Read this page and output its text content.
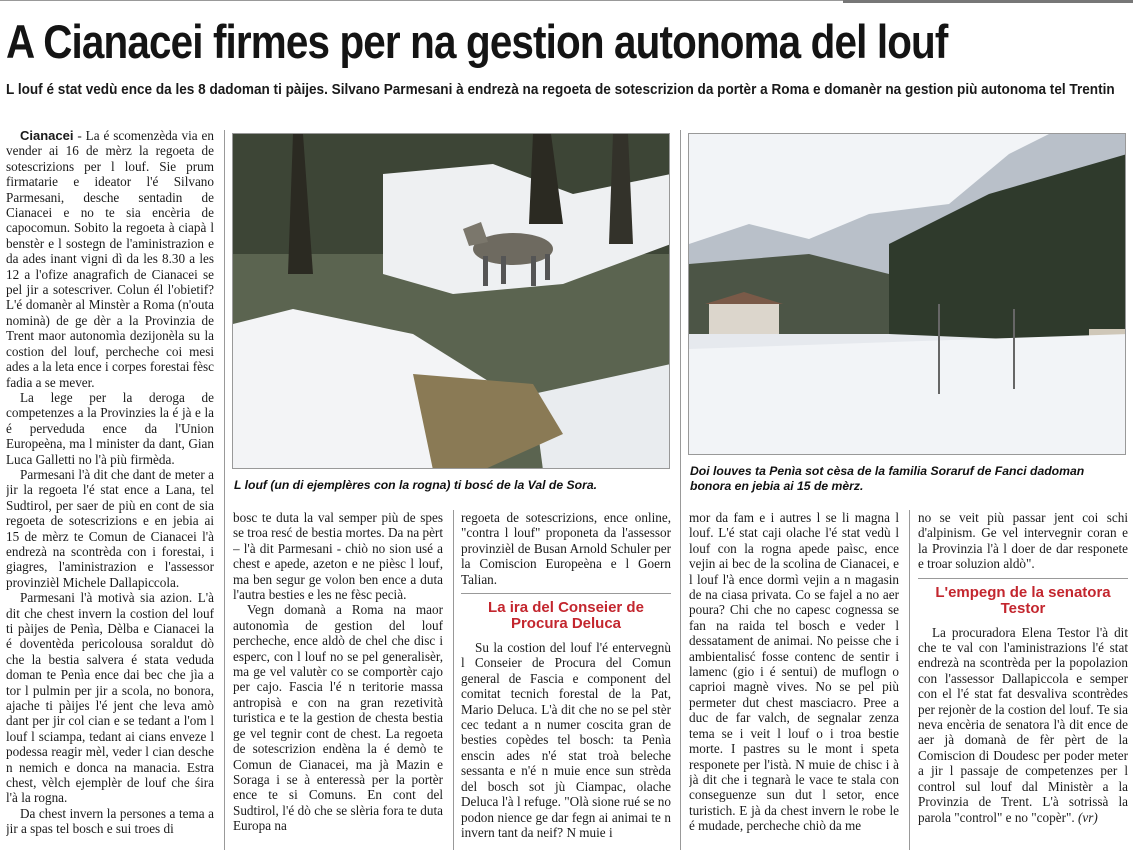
A Cianacei firmes per na gestion autonoma del louf
L louf é stat vedù ence da les 8 dadoman ti pàijes. Silvano Parmesani à endrezà na regoeta de sotescrizion da portèr a Roma e domanèr na gestion più autonoma tel Trentin

Cianacei - La é scomenzèda via en vender ai 16 de mèrz la regoeta de sotescrizions per l louf. Sie prum firmatarie e ideator l'é Silvano Parmesani, desche sentadin de Cianacei e no te sia encèria de capocomun. Sobito la regoeta à ciapà l benstèr e l sostegn de l'aministrazion e da ades inant vigni dì da les 8.30 a les 12 a l'ofize anagrafich de Cianacei se pel jir a sotescriver. Colun él l'obietif? L'é domanèr al Minstèr a Roma (n'outa nominà) de ge dèr a la Provinzia de Trent maor autonomìa dezijonèla su la costion del louf, percheche coi mesi ades a la leta ence i corpes forestai fèsc fadia a se mever.

La lege per la deroga de competenzes a la Provinzies la é jà e la é perveduda ence da l'Union Europeèna, ma l minister da dant, Gian Luca Galletti no l'à più firmèda.

Parmesani l'à dit che dant de meter a jir la regoeta l'é stat ence a Lana, tel Sudtirol, per saer de più en cont de sia regoeta de sotescrizions e en jebia ai 15 de mèrz te Comun de Cianacei l'à endrezà na scontrèda con i forestai, i giagres, l'aministrazion e l'assessor provinzièl Michele Dallapiccola.

Parmesani l'à motivà sia azion. L'à dit che chest invern la costion del louf ti pàijes de Penìa, Dèlba e Cianacei la é doventèda pericolousa soraldut dò che la bestia salvera é stata veduda doman te Penìa ence dai bec che jìa a tor l pulmin per jir a scola, no bonora, ajache ti pàijes l'é jent che leva amò dant per jir col cian e se tedant a l'om l louf l sciampa, tedant ai cians enveze l podessa reagir mèl, veder l cian desche n nemich e donca na manacia. Estra chest, vèlch ejemplèr de louf che śira l'à la rogna.

Da chest invern la persones a tema a jir a spas tel bosch e sui troes di

L louf (un di ejemplères con la rogna) ti bosć de la Val de Sora.
Doi louves ta Penìa sot cèsa de la familia Soraruf de Fanci dadoman bonora en jebia ai 15 de mèrz.

bosc te duta la val semper più de spes se troa resć de bestia mortes. Da na pèrt – l'à dit Parmesani - chiò no sion usé a chest e apede, azeton e ne pièsc l louf, ma ben segur ge volon ben ence a duta l'autra besties e les ne fèsc pecià.

Vegn domanà a Roma na maor autonomìa de gestion del louf percheche, ence aldò de chel che disc i esperc, con l louf no se pel generalisèr, ma ge vel valutèr co se comportèr cajo per cajo. Fascia l'é n teritorie massa antropisà e con na gran rezetività turistica e te la gestion de chesta bestia ge vel tegnir cont de chest. La regoeta de sotescrizion endèna la é demò te Comun de Cianacei, ma jà Mazin e Soraga i se à enteressà per la portèr ence te si Comuns. En cont del Sudtirol, l'é dò che se slèria fora te duta Europa na

regoeta de sotescrizions, ence online, "contra l louf" proponeta da l'assessor provinzièl de Busan Arnold Schuler per la Comiscion Europeèna e l Goern Talian.

La ira del Conseier de Procura Deluca

Su la costion del louf l'é entervegnù l Conseier de Procura del Comun general de Fascia e component del comitat tecnich forestal de la Pat, Mario Deluca. L'à dit che no se pel stèr cec tedant a n numer coscita gran de besties copèdes tel bosch: ta Penìa enscin ades n'é stat troà beleche sessanta e n'é n muie ence sun strèda del bosch sot jù Ciampac, olache Deluca l'à l refuge. "Olà sione rué se no podon nience ge dar fegn ai animai te n invern tant da neif? N muie i

mor da fam e i autres l se li magna l louf. L'é stat caji olache l'é stat vedù l louf con la rogna apede paìsc, ence vejin ai bec de la scolina de Cianacei, e l louf l'à ence dormì vejin a n magasin de na ciasa privata. Co se fajel a no aer poura? Chi che no capesc cognessa se fan na raida tel bosch e veder l dessatament de animai. No peisse che i ambientalisć fosse contenc de sentir i lamenc (gio i é sentui) de muflogn o caprioi magnè vives. No se pel più permeter dut chest masciacro. Pree a duc de far valch, de segnalar zenza tema se i veit l louf o i troa bestie morte. I pastres su le mont i speta responete per l'istà. N muie de chisc i à jà dit che i tegnarà le vace te stala con conseguenze sun dut l setor, ence turistich. E jà da chest invern le robe le é mudade, percheche chiò da me

no se veit più passar jent coi schi d'alpinism. Ge vel intervegnir coran e la Provinzia l'à l doer de dar responete e troar soluzion aldò".

L'empegn de la senatora Testor

La procuradora Elena Testor l'à dit che te val con l'aministrazions l'é stat endrezà na scontrèda per la popolazion con l'assessor Dallapiccola e semper con el l'é stat fat desvaliva scontrèdes per rejonèr de la costion del louf. Te sia neva encèria de senatora l'à dit ence de aer jà domanà de fèr pèrt de la Comiscion di Doudesc per poder meter a jir l passaje de competenzes per l control sul louf dal Ministèr a la Provinzia de Trent. L'à sotrissà la parola "control" e no "copèr". (vr)
